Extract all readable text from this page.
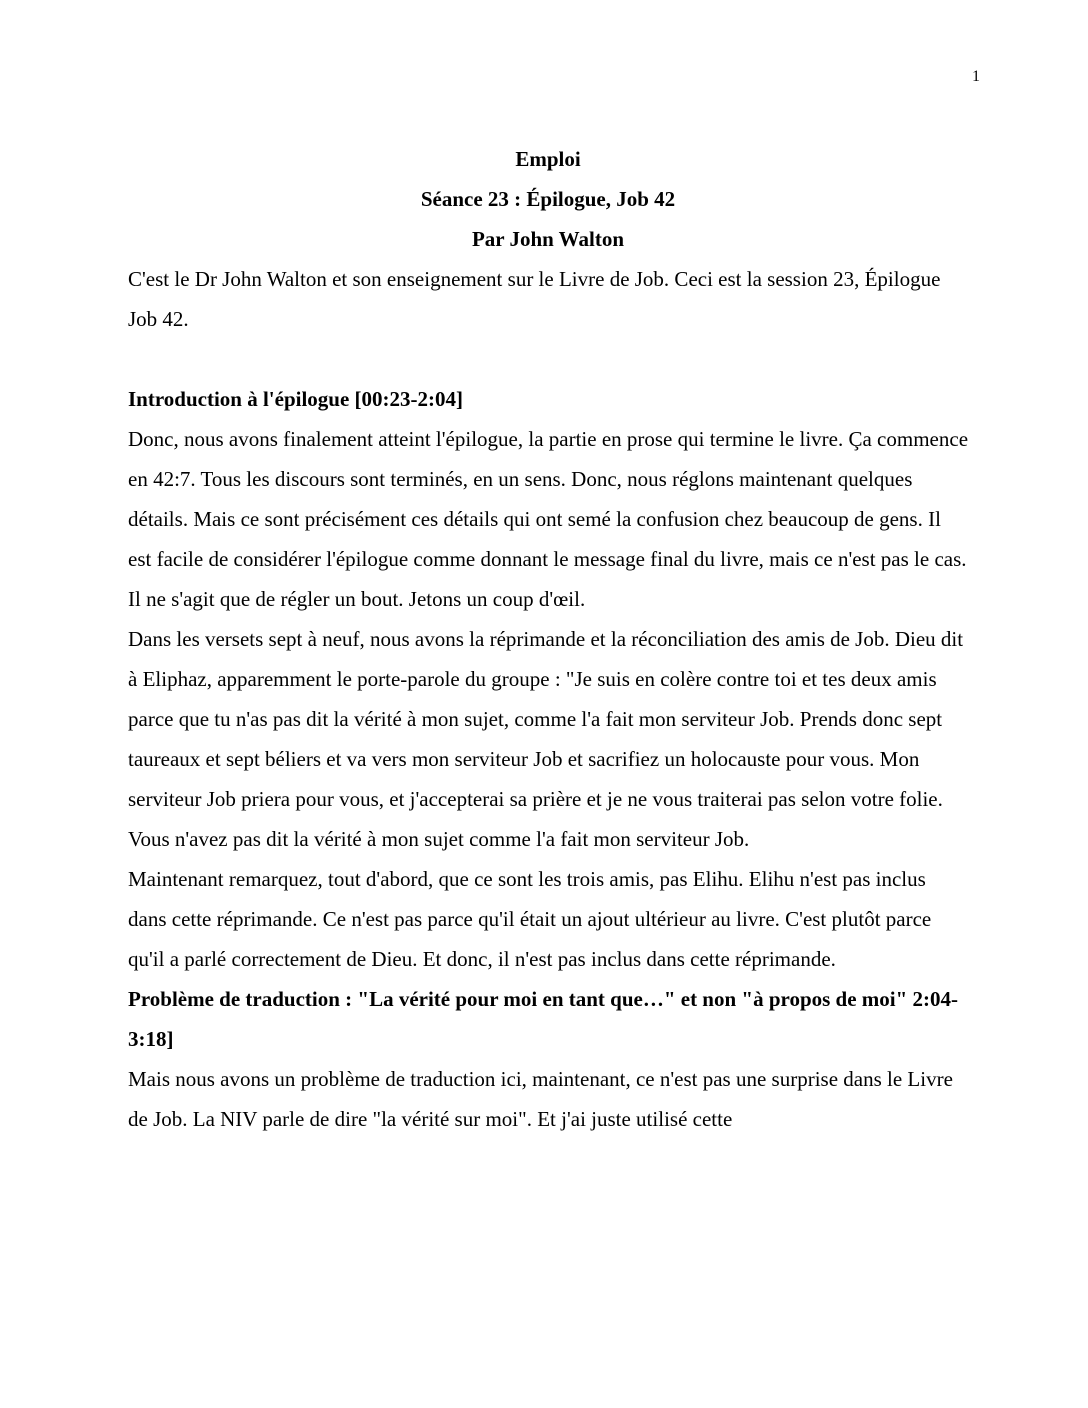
1
Emploi
Séance 23 : Épilogue, Job 42
Par John Walton

C'est le Dr John Walton et son enseignement sur le Livre de Job. Ceci est la session 23, Épilogue Job 42.

Introduction à l'épilogue [00:23-2:04]

Donc, nous avons finalement atteint l'épilogue, la partie en prose qui termine le livre. Ça commence en 42:7. Tous les discours sont terminés, en un sens. Donc, nous réglons maintenant quelques détails. Mais ce sont précisément ces détails qui ont semé la confusion chez beaucoup de gens. Il est facile de considérer l'épilogue comme donnant le message final du livre, mais ce n'est pas le cas. Il ne s'agit que de régler un bout. Jetons un coup d'œil.

Dans les versets sept à neuf, nous avons la réprimande et la réconciliation des amis de Job. Dieu dit à Eliphaz, apparemment le porte-parole du groupe : "Je suis en colère contre toi et tes deux amis parce que tu n'as pas dit la vérité à mon sujet, comme l'a fait mon serviteur Job. Prends donc sept taureaux et sept béliers et va vers mon serviteur Job et sacrifiez un holocauste pour vous. Mon serviteur Job priera pour vous, et j'accepterai sa prière et je ne vous traiterai pas selon votre folie. Vous n'avez pas dit la vérité à mon sujet comme l'a fait mon serviteur Job.

Maintenant remarquez, tout d'abord, que ce sont les trois amis, pas Elihu. Elihu n'est pas inclus dans cette réprimande. Ce n'est pas parce qu'il était un ajout ultérieur au livre. C'est plutôt parce qu'il a parlé correctement de Dieu. Et donc, il n'est pas inclus dans cette réprimande.

Problème de traduction : "La vérité pour moi en tant que…" et non "à propos de moi" 2:04-3:18]

Mais nous avons un problème de traduction ici, maintenant, ce n'est pas une surprise dans le Livre de Job. La NIV parle de dire "la vérité sur moi". Et j'ai juste utilisé cette
